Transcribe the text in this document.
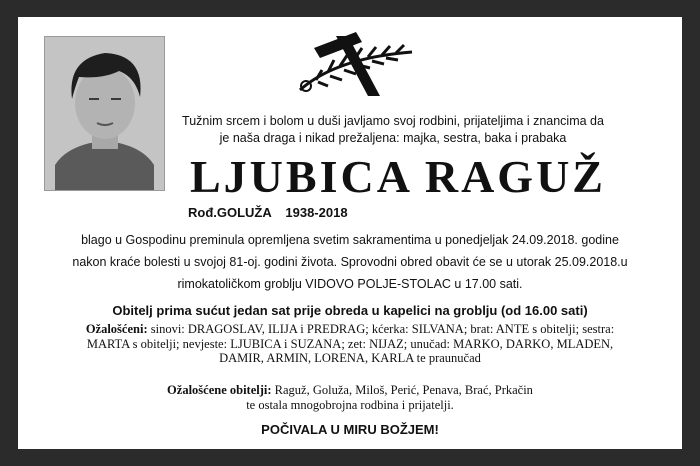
Tužnim srcem i bolom u duši javljamo svoj rodbini, prijateljima i znancima da
je naša draga i nikad prežaljena: majka, sestra, baka i prabaka
LJUBICA RAGUŽ
Rođ.GOLUŽA 1938-2018
blago u Gospodinu preminula opremljena svetim sakramentima u ponedjeljak 24.09.2018. godine
nakon kraće bolesti u svojoj 81-oj. godini života. Sprovodni obred obavit će se u utorak 25.09.2018.u
rimokatoličkom groblju VIDOVO POLJE-STOLAC u 17.00 sati.
Obitelj prima sućut jedan sat prije obreda u kapelici na groblju (od 16.00 sati)
Ožalošćeni: sinovi: DRAGOSLAV, ILIJA i PREDRAG; kćerka: SILVANA; brat: ANTE s obitelji; sestra:
MARTA s obitelji; nevjeste: LJUBICA i SUZANA; zet: NIJAZ; unučad: MARKO, DARKO, MLADEN,
DAMIR, ARMIN, LORENA, KARLA te praunučad
Ožalošćene obitelji: Raguž, Goluža, Miloš, Perić, Penava, Brać, Prkačin
te ostala mnogobrojna rodbina i prijatelji.
POČIVALA U MIRU BOŽJEM!
